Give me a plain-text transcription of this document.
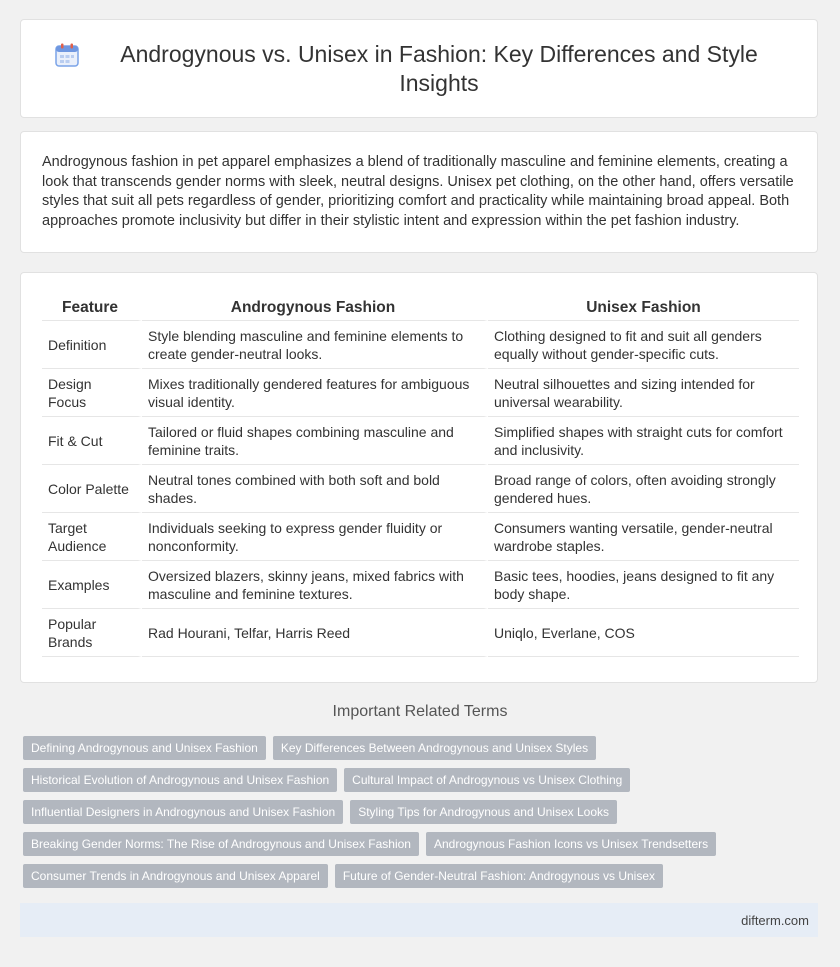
Androgynous vs. Unisex in Fashion: Key Differences and Style Insights

Androgynous fashion in pet apparel emphasizes a blend of traditionally masculine and feminine elements, creating a look that transcends gender norms with sleek, neutral designs. Unisex pet clothing, on the other hand, offers versatile styles that suit all pets regardless of gender, prioritizing comfort and practicality while maintaining broad appeal. Both approaches promote inclusivity but differ in their stylistic intent and expression within the pet fashion industry.

Feature	Androgynous Fashion	Unisex Fashion
Definition	Style blending masculine and feminine elements to create gender-neutral looks.	Clothing designed to fit and suit all genders equally without gender-specific cuts.
Design Focus	Mixes traditionally gendered features for ambiguous visual identity.	Neutral silhouettes and sizing intended for universal wearability.
Fit & Cut	Tailored or fluid shapes combining masculine and feminine traits.	Simplified shapes with straight cuts for comfort and inclusivity.
Color Palette	Neutral tones combined with both soft and bold shades.	Broad range of colors, often avoiding strongly gendered hues.
Target Audience	Individuals seeking to express gender fluidity or nonconformity.	Consumers wanting versatile, gender-neutral wardrobe staples.
Examples	Oversized blazers, skinny jeans, mixed fabrics with masculine and feminine textures.	Basic tees, hoodies, jeans designed to fit any body shape.
Popular Brands	Rad Hourani, Telfar, Harris Reed	Uniqlo, Everlane, COS
Important Related Terms
Defining Androgynous and Unisex Fashion	Key Differences Between Androgynous and Unisex Styles
Historical Evolution of Androgynous and Unisex Fashion	Cultural Impact of Androgynous vs Unisex Clothing
Influential Designers in Androgynous and Unisex Fashion	Styling Tips for Androgynous and Unisex Looks
Breaking Gender Norms: The Rise of Androgynous and Unisex Fashion	Androgynous Fashion Icons vs Unisex Trendsetters
Consumer Trends in Androgynous and Unisex Apparel	Future of Gender-Neutral Fashion: Androgynous vs Unisex
difterm.com
